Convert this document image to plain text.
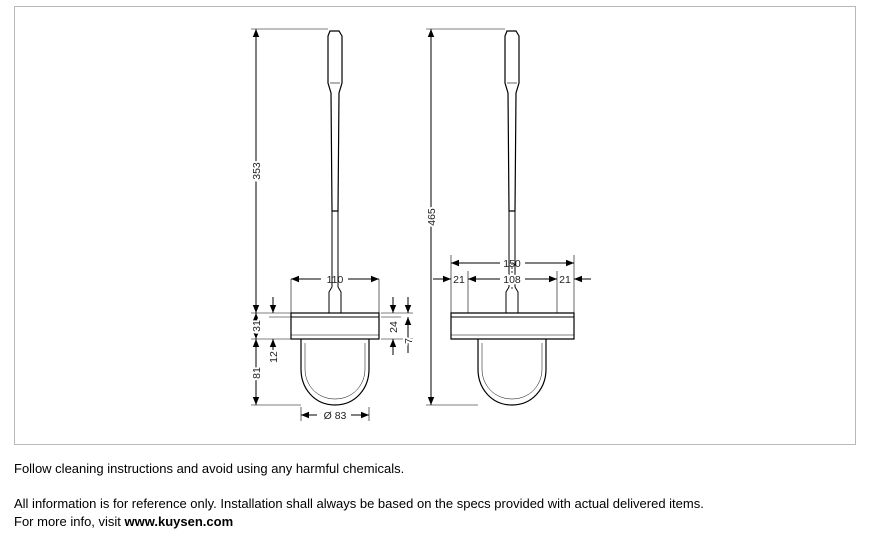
353
110
31
81
12
24
7
Ø 83
465
150
108
21	21
Follow cleaning instructions and avoid using any harmful chemicals.
All information is for reference only. Installation shall always be based on the specs provided with actual delivered items.
For more info, visit www.kuysen.com
